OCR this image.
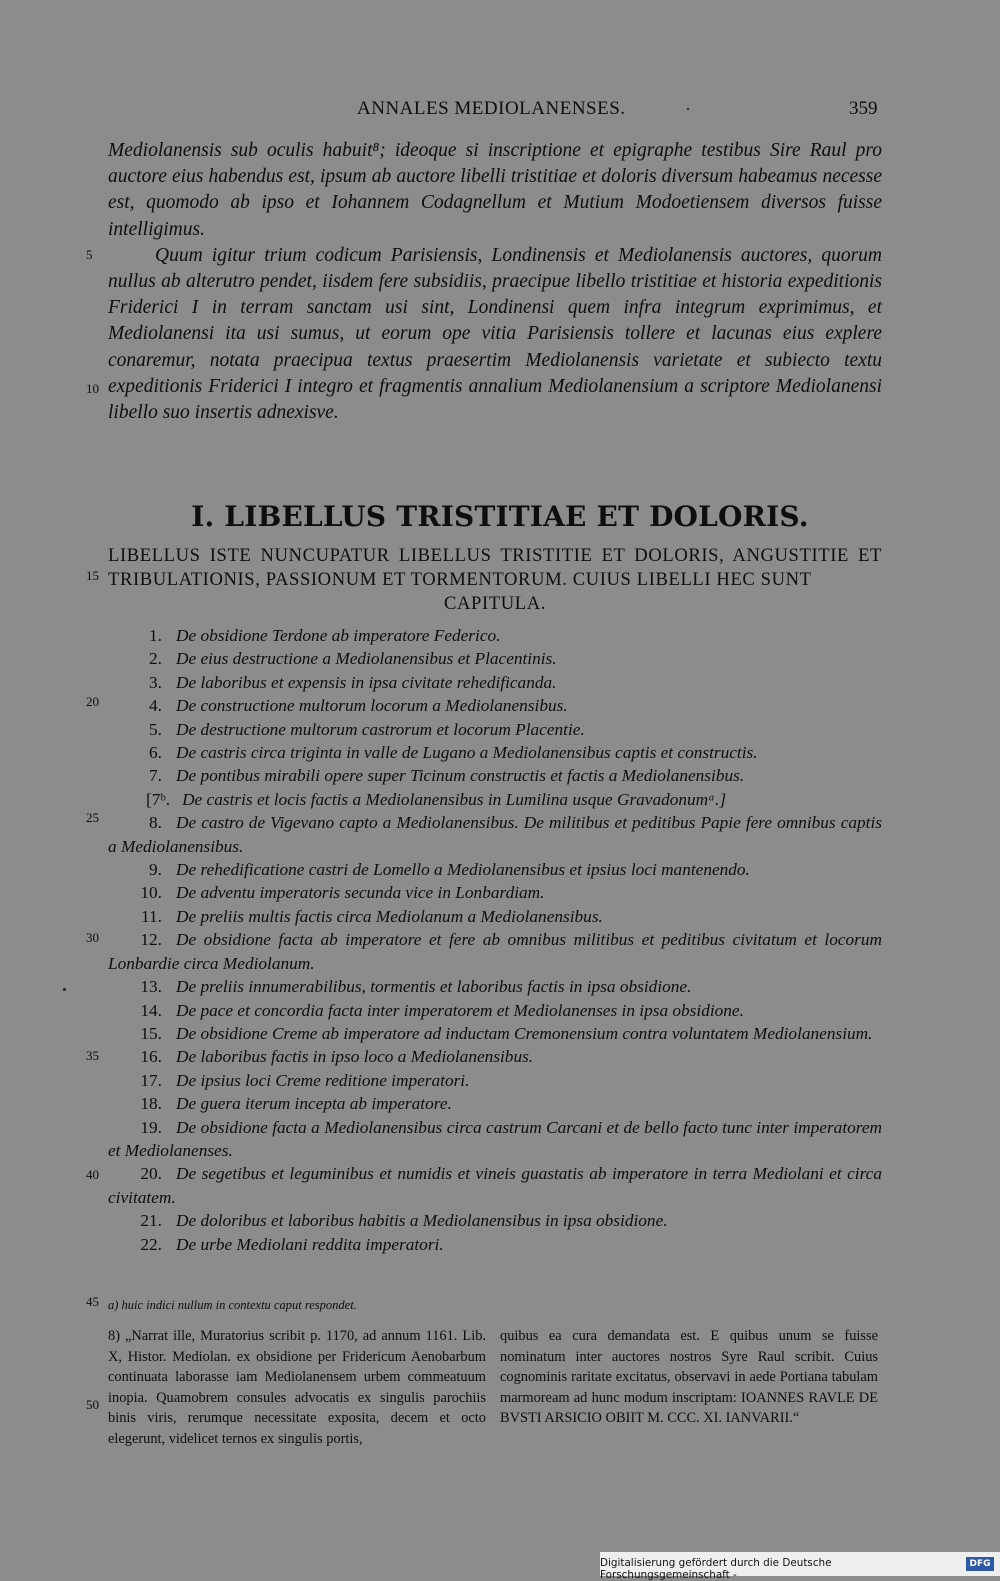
ANNALES MEDIOLANENSES.	359
5
10
15
20
25
30
35
40
45
50

Mediolanensis sub oculis habuit⁸; ideoque si inscriptione et epigraphe testibus Sire Raul pro auctore eius habendus est, ipsum ab auctore libelli tristitiae et doloris diversum habeamus necesse est, quomodo ab ipso et Iohannem Codagnellum et Mutium Modoetiensem diversos fuisse intelligimus.

Quum igitur trium codicum Parisiensis, Londinensis et Mediolanensis auctores, quorum nullus ab alterutro pendet, iisdem fere subsidiis, praecipue libello tristitiae et historia expeditionis Friderici I in terram sanctam usi sint, Londinensi quem infra integrum exprimimus, et Mediolanensi ita usi sumus, ut eorum ope vitia Parisiensis tollere et lacunas eius explere conaremur, notata praecipua textus praesertim Mediolanensis varietate et subiecto textu expeditionis Friderici I integro et fragmentis annalium Mediolanensium a scriptore Mediolanensi libello suo insertis adnexisve.

I. LIBELLUS TRISTITIAE ET DOLORIS.
LIBELLUS ISTE NUNCUPATUR LIBELLUS TRISTITIE ET DOLORIS, ANGUSTITIE ET TRIBULATIONIS, PASSIONUM ET TORMENTORUM. CUIUS LIBELLI HEC SUNT
CAPITULA.
1. De obsidione Terdone ab imperatore Federico.
2. De eius destructione a Mediolanensibus et Placentinis.
3. De laboribus et expensis in ipsa civitate rehedificanda.
4. De constructione multorum locorum a Mediolanensibus.
5. De destructione multorum castrorum et locorum Placentie.
6. De castris circa triginta in valle de Lugano a Mediolanensibus captis et constructis.
7. De pontibus mirabili opere super Ticinum constructis et factis a Mediolanensibus.
[7ᵇ. De castris et locis factis a Mediolanensibus in Lumilina usque Gravadonumᵃ.]
8. De castro de Vigevano capto a Mediolanensibus. De militibus et peditibus Papie fere omnibus captis a Mediolanensibus.
9. De rehedificatione castri de Lomello a Mediolanensibus et ipsius loci mantenendo.
10. De adventu imperatoris secunda vice in Lonbardiam.
11. De preliis multis factis circa Mediolanum a Mediolanensibus.
12. De obsidione facta ab imperatore et fere ab omnibus militibus et peditibus civitatum et locorum Lonbardie circa Mediolanum.
13. De preliis innumerabilibus, tormentis et laboribus factis in ipsa obsidione.
14. De pace et concordia facta inter imperatorem et Mediolanenses in ipsa obsidione.
15. De obsidione Creme ab imperatore ad inductam Cremonensium contra voluntatem Mediolanensium.
16. De laboribus factis in ipso loco a Mediolanensibus.
17. De ipsius loci Creme reditione imperatori.
18. De guera iterum incepta ab imperatore.
19. De obsidione facta a Mediolanensibus circa castrum Carcani et de bello facto tunc inter imperatorem et Mediolanenses.
20. De segetibus et leguminibus et numidis et vineis guastatis ab imperatore in terra Mediolani et circa civitatem.
21. De doloribus et laboribus habitis a Mediolanensibus in ipsa obsidione.
22. De urbe Mediolani reddita imperatori.
a) huic indici nullum in contextu caput respondet.
8) „Narrat ille, Muratorius scribit p. 1170, ad annum 1161. Lib. X, Histor. Mediolan. ex obsidione per Fridericum Aenobarbum continuata laborasse iam Mediolanensem urbem commeatuum inopia. Quamobrem consules advocatis ex singulis parochiis binis viris, rerumque necessitate exposita, decem et octo elegerunt, videlicet ternos ex singulis portis,
quibus ea cura demandata est. E quibus unum se fuisse nominatum inter auctores nostros Syre Raul scribit. Cuius cognominis raritate excitatus, observavi in aede Portiana tabulam marmoream ad hunc modum inscriptam: IOANNES RAVLE DE BVSTI ARSICIO OBIIT M. CCC. XI. IANVARII.“
Digitalisierung gefördert durch die Deutsche Forschungsgemeinschaft -
DFG
